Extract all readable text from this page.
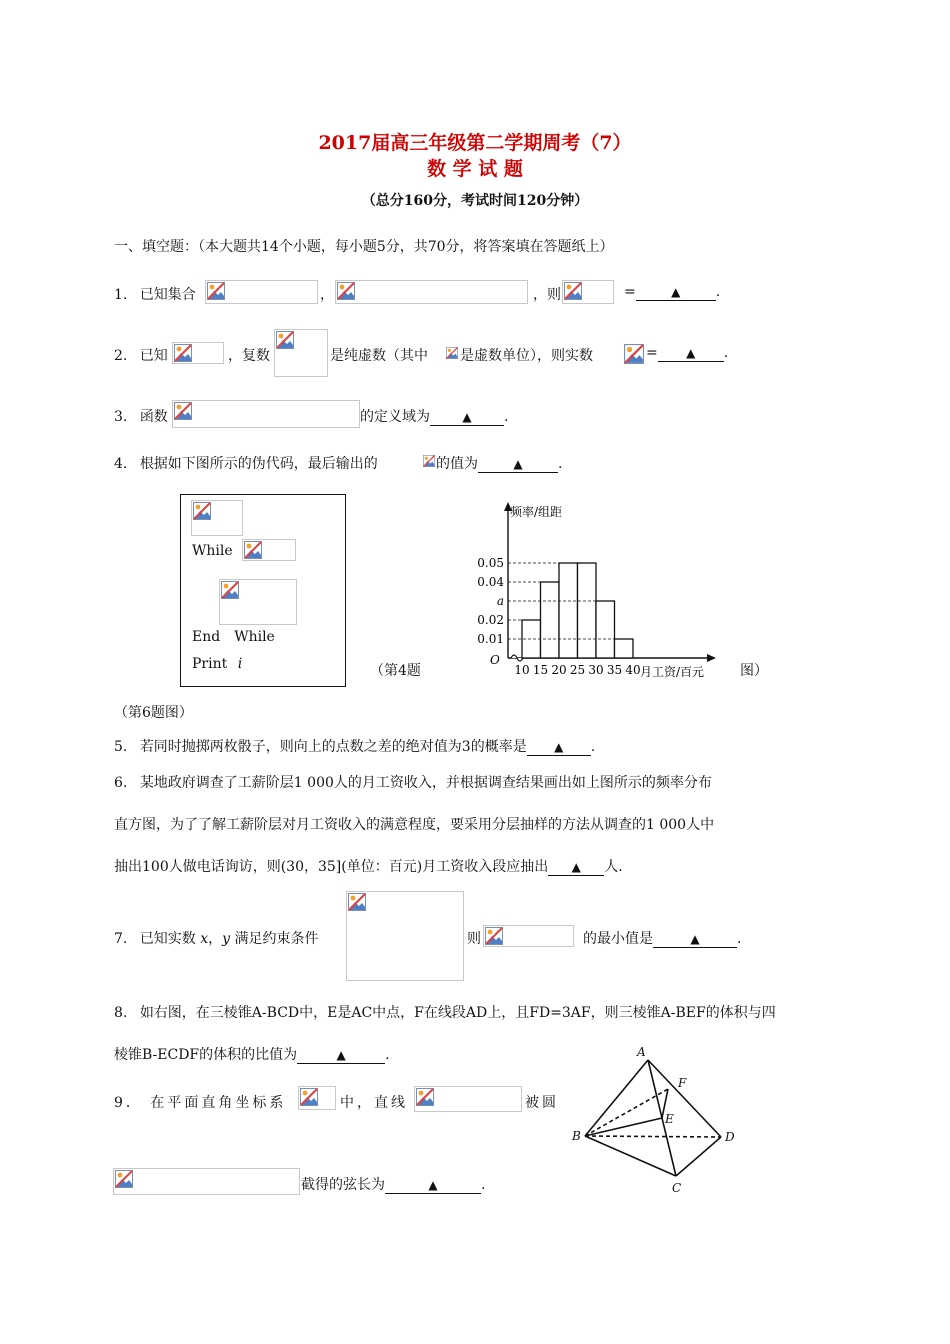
2017届高三年级第二学期周考（7）
数 学 试 题
（总分160分，考试时间120分钟）
一、填空题：（本大题共14个小题，每小题5分，共70分，将答案填在答题纸上）
1. 已知集合	，	，则	=	▲	.
2. 已知	，复数	是纯虚数（其中 是虚数单位），则实数	= ▲ .
3. 函数	的定义域为	▲ .
4. 根据如下图所示的伪代码，最后输出的	的值为	▲	.
While
End　While
Print i	（第4题	图）
频率/组距
月工资/百元
O
0.05
0.04
a
0.02
0.01
10 15 20 25 30 35 40
（第6题图）
5. 若同时抛掷两枚骰子，则向上的点数之差的绝对值为3的概率是 ▲ .
6. 某地政府调查了工薪阶层1 000人的月工资收入，并根据调查结果画出如上图所示的频率分布
直方图，为了了解工薪阶层对月工资收入的满意程度，要采用分层抽样的方法从调查的1 000人中
抽出100人做电话询访，则(30，35](单位：百元)月工资收入段应抽出 ▲ 人.
7. 已知实数 x，y 满足约束条件	则	的最小值是	▲	.
8. 如右图，在三棱锥A-BCD中，E是AC中点，F在线段AD上，且FD=3AF，则三棱锥A-BEF的体积与四
棱锥B-ECDF的体积的比值为	▲	.
9． 在平面直角坐标系	中，直线	被圆
截得的弦长为	▲	.
A
B
C
D
E
F
